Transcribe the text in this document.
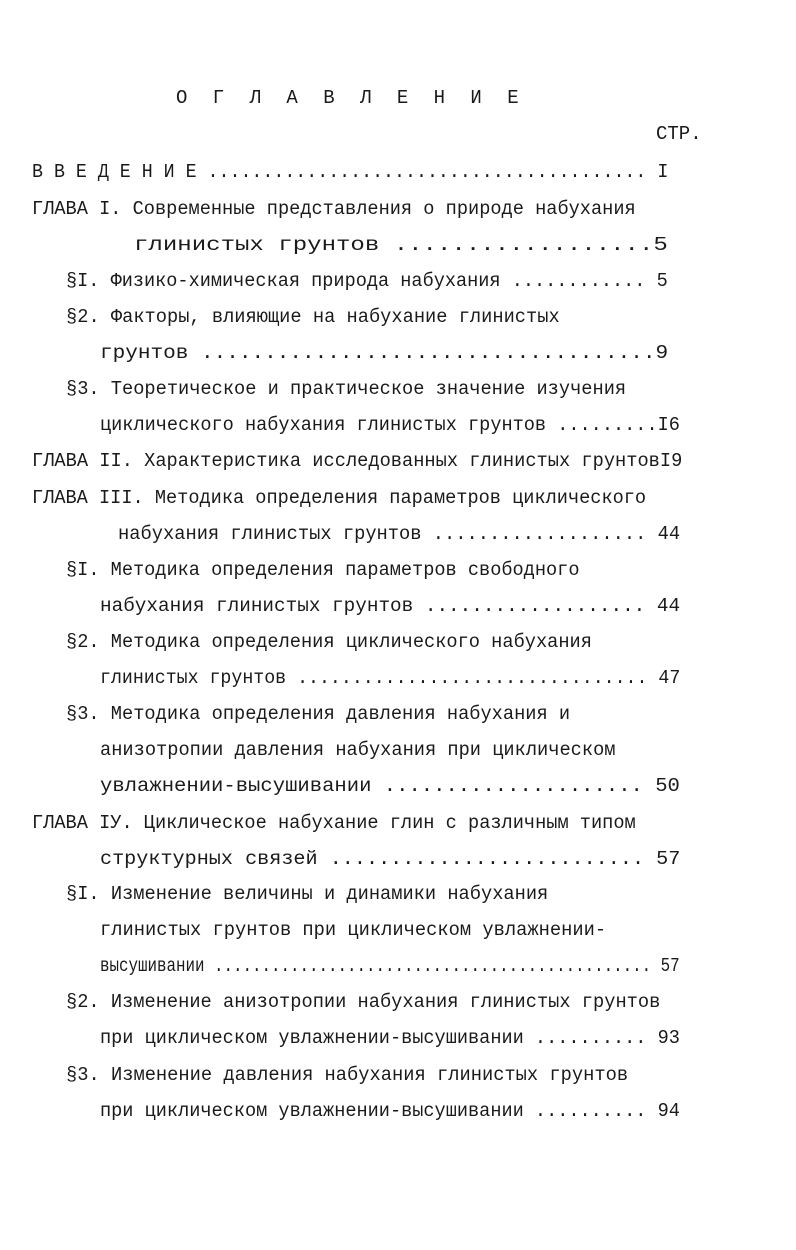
О Г Л А В Л Е Н И Е
СТР.
В В Е Д Е Н И Е ........................................ I
ГЛАВА I. Современные представления о природе набухания
глинистых грунтов ..................5
§I. Физико-химическая природа набухания ............ 5
§2. Факторы, влияющие на набухание глинистых
грунтов ....................................9
§3. Теоретическое и практическое значение изучения
циклического набухания глинистых грунтов .........I6
ГЛАВА II. Характеристика исследованных глинистых грунтовI9
ГЛАВА III. Методика определения параметров циклического
набухания глинистых грунтов ................... 44
§I. Методика определения параметров свободного
набухания глинистых грунтов ................... 44
§2. Методика определения циклического набухания
глинистых грунтов ................................ 47
§3. Методика определения давления набухания и
анизотропии давления набухания при циклическом
увлажнении-высушивании ..................... 50
ГЛАВА IУ. Циклическое набухание глин с различным типом
структурных связей .......................... 57
§I. Изменение величины и динамики набухания
глинистых грунтов при циклическом увлажнении-
высушивании .............................................. 57
§2. Изменение анизотропии набухания глинистых грунтов
при циклическом увлажнении-высушивании .......... 93
§3. Изменение давления набухания глинистых грунтов
при циклическом увлажнении-высушивании .......... 94
